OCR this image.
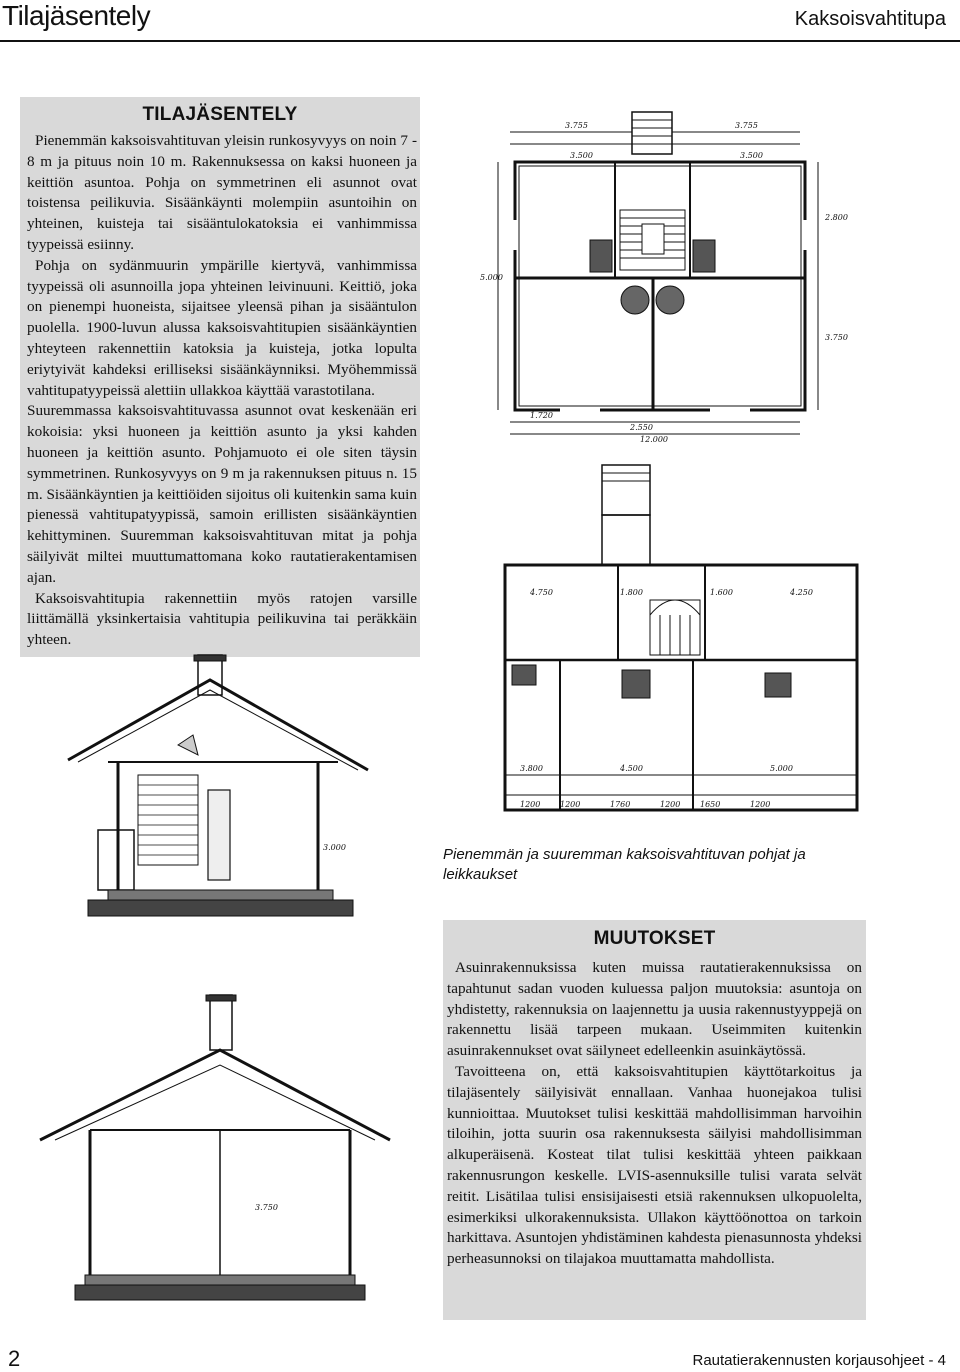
Tilajäsentely	Kaksoisvahtitupa
TILAJÄSENTELY

Pienemmän kaksoisvahtituvan yleisin runkosyvyys on noin 7 - 8 m ja pituus noin 10 m. Rakennuksessa on kaksi huoneen ja keittiön asuntoa. Pohja on symmetrinen eli asunnot ovat toistensa peilikuvia. Sisäänkäynti molempiin asuntoihin on yhteinen, kuisteja tai sisääntulokatoksia ei vanhimmissa tyypeissä esiinny.

Pohja on sydänmuurin ympärille kiertyvä, vanhimmissa tyypeissä oli asunnoilla jopa yhteinen leivinuuni. Keittiö, joka on pienempi huoneista, sijaitsee yleensä pihan ja sisääntulon puolella. 1900-luvun alussa kaksoisvahtitupien sisäänkäyntien yhteyteen rakennettiin katoksia ja kuisteja, jotka lopulta eriytyivät kahdeksi erilliseksi sisäänkäynniksi. Myöhemmissä vahtitupatyypeissä alettiin ullakkoa käyttää varastotilana.

Suuremmassa kaksoisvahtituvassa asunnot ovat keskenään eri kokoisia: yksi huoneen ja keittiön asunto ja yksi kahden huoneen ja keittiön asunto. Pohjamuoto ei ole siten täysin symmetrinen. Runkosyvyys on 9 m ja rakennuksen pituus n. 15 m. Sisäänkäyntien ja keittiöiden sijoitus oli kuitenkin sama kuin pienessä vahtitupatyypissä, samoin erillisten sisäänkäyntien kehittyminen. Suuremman kaksoisvahtituvan mitat ja pohja säilyivät miltei muuttumattomana koko rautatierakentamisen ajan.

Kaksoisvahtitupia rakennettiin myös ratojen varsille liittämällä yksinkertaisia vahtitupia peilikuvina tai peräkkäin yhteen.

3.755	3.755
3.500	3.500
2.800
5.000
3.750
1.720
2.550
12.000
4.750	1.800	1.600	4.250
3.800	4.500	5.000
1200 1200	1760	1200 1650	1200
3.000
3.750
Pienemmän ja suuremman kaksoisvahtituvan pohjat ja leikkaukset
MUUTOKSET

Asuinrakennuksissa kuten muissa rautatierakennuksissa on tapahtunut sadan vuoden kuluessa paljon muutoksia: asuntoja on yhdistetty, rakennuksia on laajennettu ja uusia rakennustyyppejä on rakennettu lisää tarpeen mukaan. Useimmiten kuitenkin asuinrakennukset ovat säilyneet edelleenkin asuinkäytössä.

Tavoitteena on, että kaksoisvahtitupien käyttötarkoitus ja tilajäsentely säilyisivät ennallaan. Vanhaa huonejakoa tulisi kunnioittaa. Muutokset tulisi keskittää mahdollisimman harvoihin tiloihin, jotta suurin osa rakennuksesta säilyisi mahdollisimman alkuperäisenä. Kosteat tilat tulisi keskittää yhteen paikkaan rakennusrungon keskelle. LVIS-asennuksille tulisi varata selvät reitit. Lisätilaa tulisi ensisijaisesti etsiä rakennuksen ulkopuolelta, esimerkiksi ulkorakennuksista. Ullakon käyttöönottoa on tarkoin harkittava. Asuntojen yhdistäminen kahdesta pienasunnosta yhdeksi perheasunnoksi on tilajakoa muuttamatta mahdollista.

2	Rautatierakennusten korjausohjeet - 4
